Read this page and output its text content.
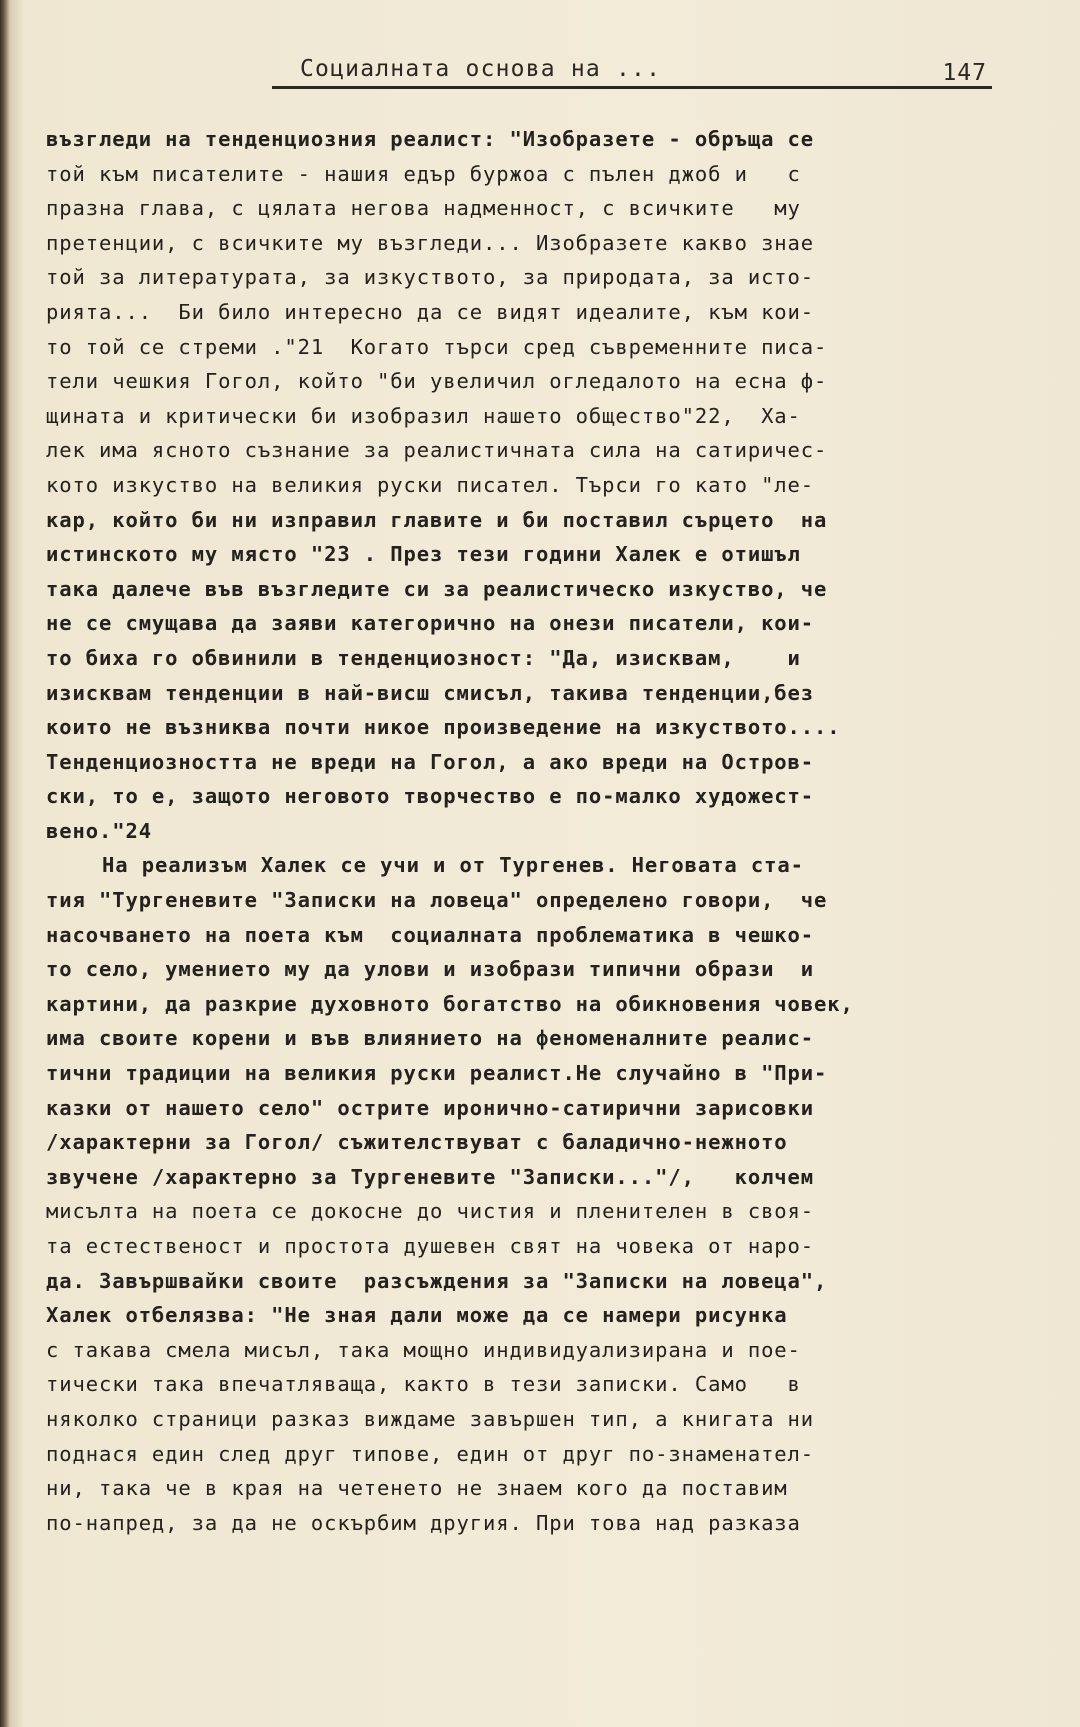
Социалната основа на ...	147
възгледи на тенденциозния реалист: "Изобразете - обръща се
той към писателите - нашия едър буржоа с пълен джоб и   с
празна глава, с цялата негова надменност, с всичките   му
претенции, с всичките му възгледи... Изобразете какво знае
той за литературата, за изкуството, за природата, за исто-
рията...  Би било интересно да се видят идеалите, към кои-
то той се стреми ."21  Когато търси сред съвременните писа-
тели чешкия Гогол, който "би увеличил огледалото на есна ф-
щината и критически би изобразил нашето общество"22,  Ха-
лек има ясното съзнание за реалистичната сила на сатиричес-
кото изкуство на великия руски писател. Търси го като "ле-
кар, който би ни изправил главите и би поставил сърцето  на
истинското му място "23 . През тези години Халек е отишъл
така далече във възгледите си за реалистическо изкуство, че
не се смущава да заяви категорично на онези писатели, кои-
то биха го обвинили в тенденциозност: "Да, изисквам,    и
изисквам тенденции в най-висш смисъл, такива тенденции,без
които не възниква почти никое произведение на изкуството....
Тенденциозността не вреди на Гогол, а ако вреди на Остров-
ски, то е, защото неговото творчество е по-малко художест-
вено."24
На реализъм Халек се учи и от Тургенев. Неговата ста-
тия "Тургеневите "Записки на ловеца" определено говори,  че
насочването на поета към  социалната проблематика в чешко-
то село, умението му да улови и изобрази типични образи  и
картини, да разкрие духовното богатство на обикновения човек,
има своите корени и във влиянието на феноменалните реалис-
тични традиции на великия руски реалист.Не случайно в "При-
казки от нашето село" острите иронично-сатирични зарисовки
/характерни за Гогол/ съжителствуват с баладично-нежното
звучене /характерно за Тургеневите "Записки..."/,   колчем
мисълта на поета се докосне до чистия и пленителен в своя-
та естественост и простота душевен свят на човека от наро-
да. Завършвайки своите  разсъждения за "Записки на ловеца",
Халек отбелязва: "Не зная дали може да се намери рисунка
с такава смела мисъл, така мощно индивидуализирана и пое-
тически така впечатляваща, както в тези записки. Само   в
няколко страници разказ виждаме завършен тип, а книгата ни
поднася един след друг типове, един от друг по-знаменател-
ни, така че в края на четенето не знаем кого да поставим
по-напред, за да не оскърбим другия. При това над разказа
